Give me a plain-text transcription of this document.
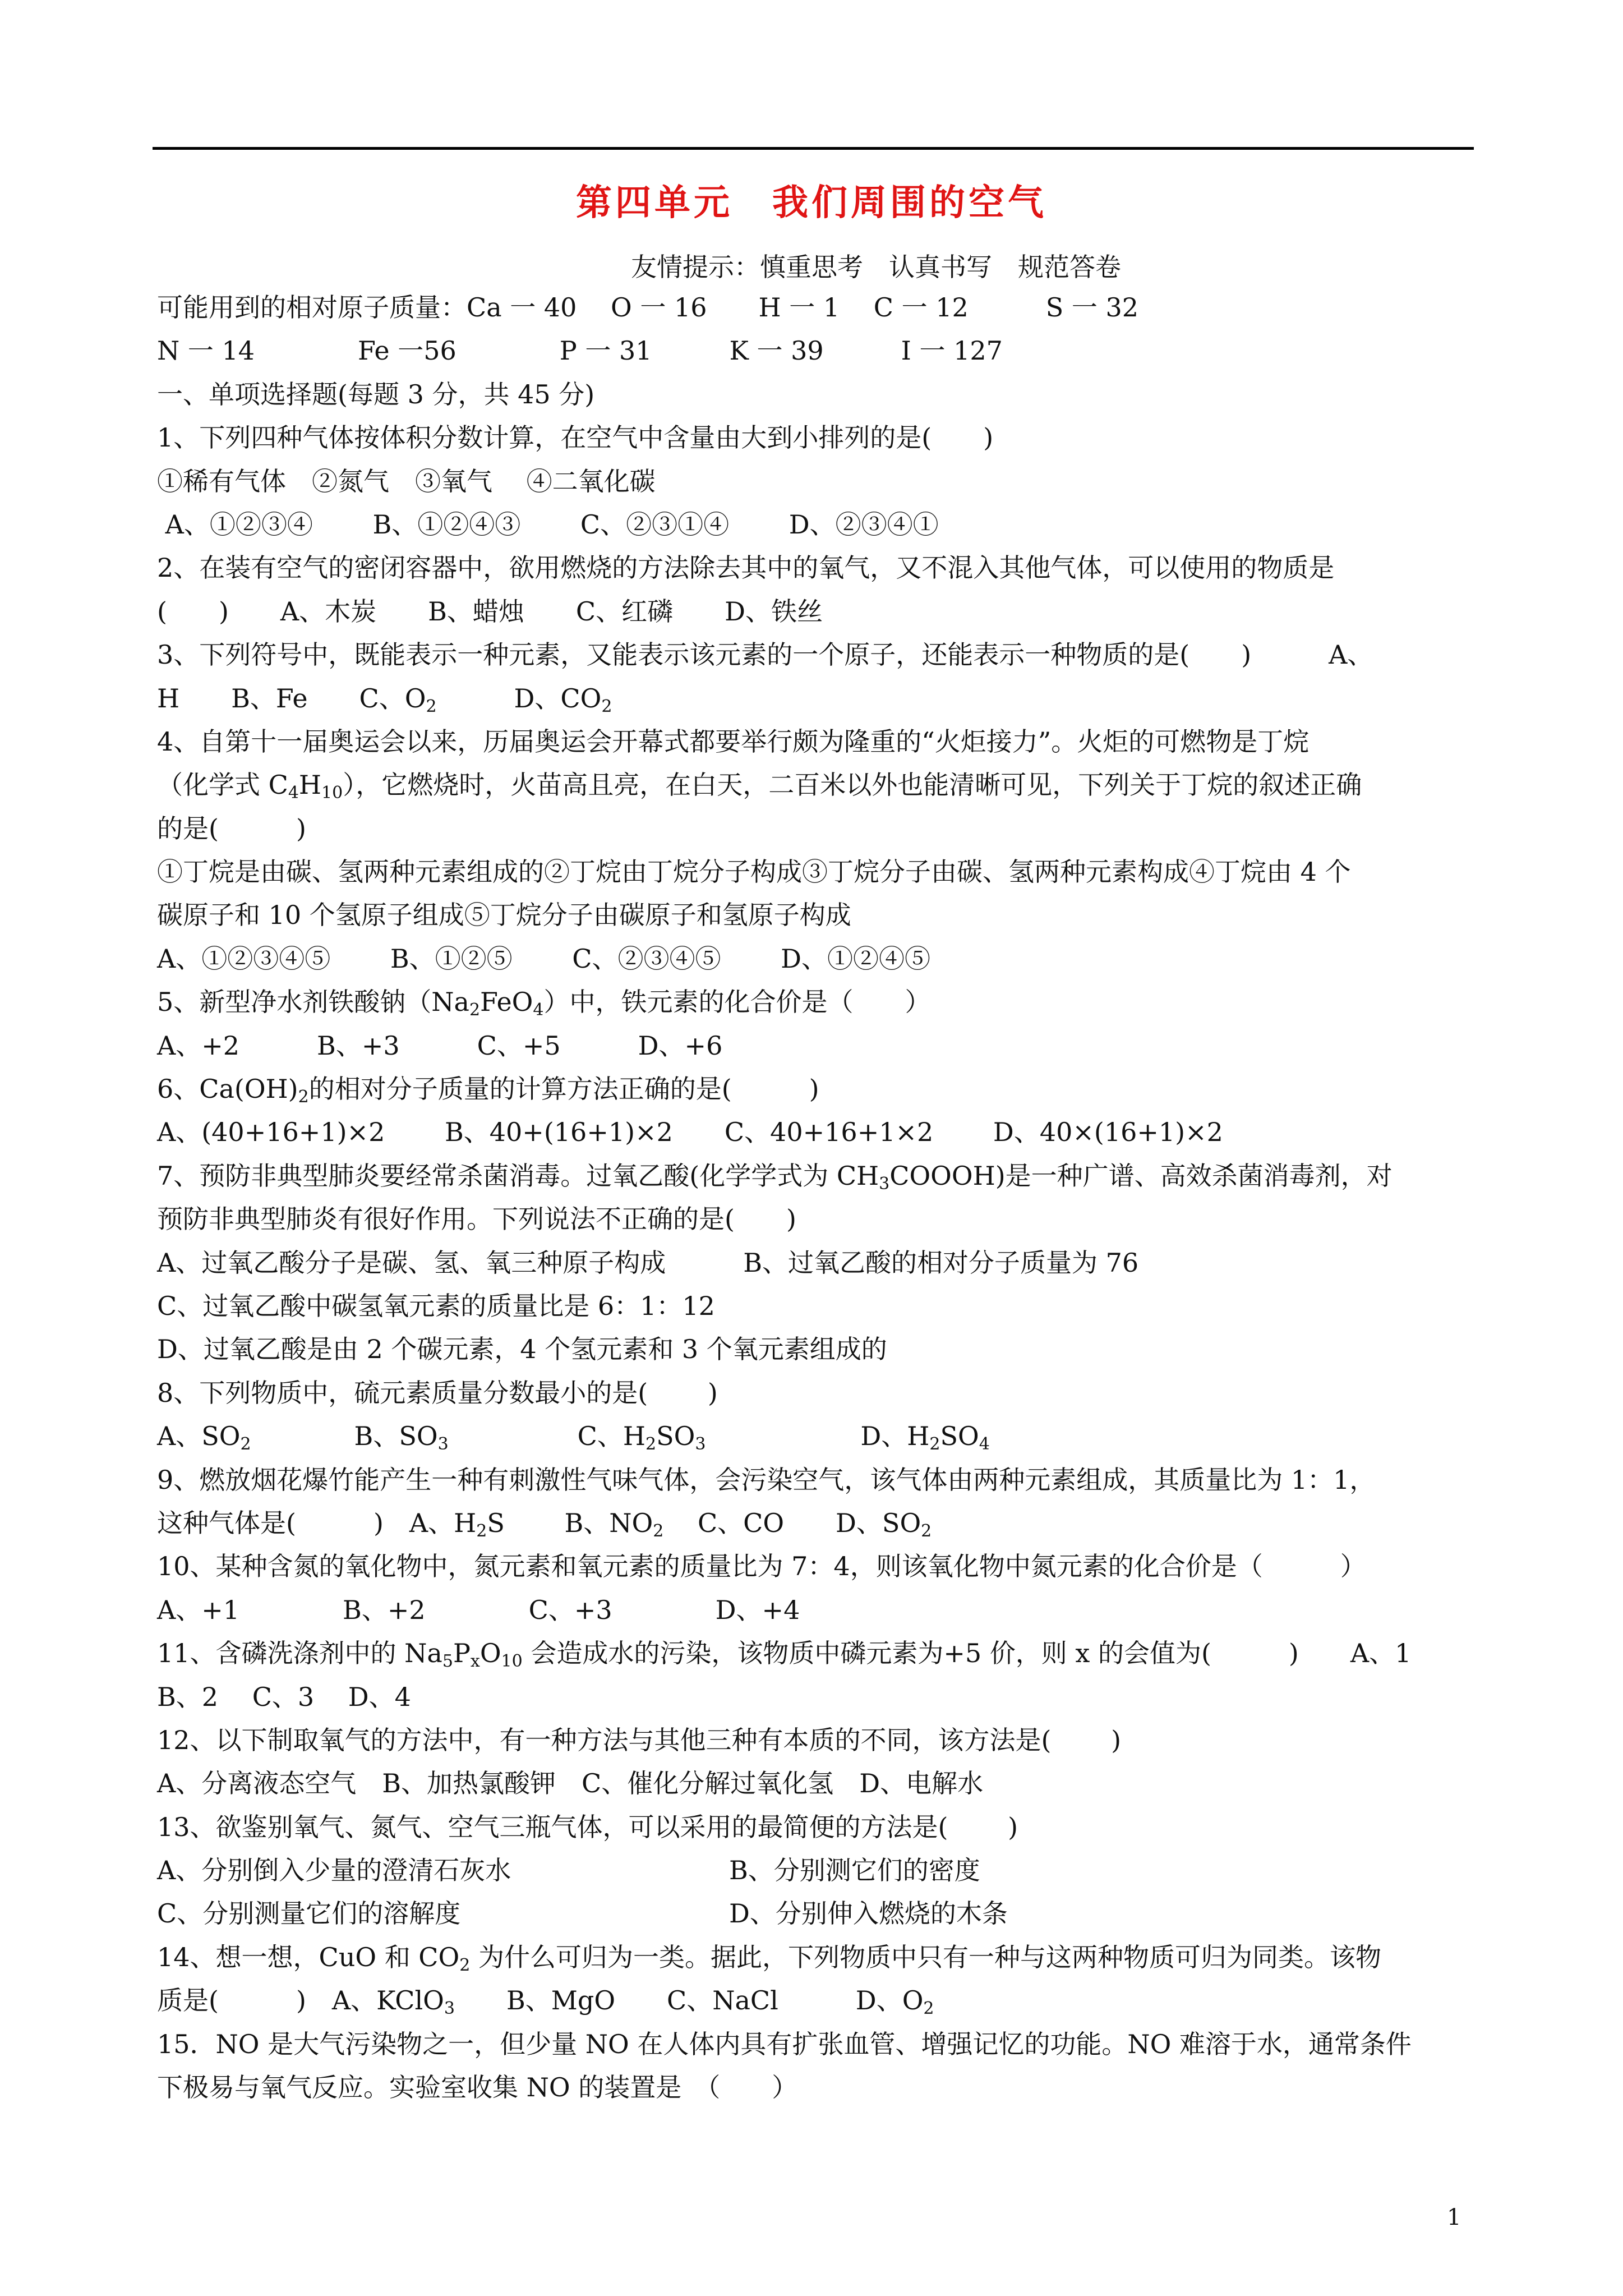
第四单元　我们周围的空气
友情提示：慎重思考　认真书写　规范答卷
可能用到的相对原子质量：Ca 一 40　 O 一 16　　H 一 1　 C 一 12　　　S 一 32
N 一 14　　　　Fe 一56　　　　P 一 31　　　K 一 39　　　I 一 127
一、单项选择题(每题 3 分，共 45 分)
1、下列四种气体按体积分数计算，在空气中含量由大到小排列的是(　　)
①稀有气体　②氮气　③氧气　 ④二氧化碳
A、①②③④　　 B、①②④③　　 C、②③①④　　 D、②③④①
2、在装有空气的密闭容器中，欲用燃烧的方法除去其中的氧气，又不混入其他气体，可以使用的物质是
(　　)　　A、木炭　　B、蜡烛　　C、红磷　　D、铁丝
3、下列符号中，既能表示一种元素，又能表示该元素的一个原子，还能表示一种物质的是(　　)　　　A、
H　　B、Fe　　C、$O_2$　　　D、$CO_2$
4、自第十一届奥运会以来，历届奥运会开幕式都要举行颇为隆重的“火炬接力”。火炬的可燃物是丁烷
（化学式 $C_4H_{10}$），它燃烧时，火苗高且亮，在白天，二百米以外也能清晰可见，下列关于丁烷的叙述正确
的是(　　　)
①丁烷是由碳、氢两种元素组成的②丁烷由丁烷分子构成③丁烷分子由碳、氢两种元素构成④丁烷由 4 个
碳原子和 10 个氢原子组成⑤丁烷分子由碳原子和氢原子构成
A、①②③④⑤　　 B、①②⑤　　 C、②③④⑤　　 D、①②④⑤
5、新型净水剂铁酸钠$(Na_2FeO_4)$中，铁元素的化合价是（　　）
A、+2　　　B、+3　　　C、+5　　　D、+6
6、$Ca(OH)_2$的相对分子质量的计算方法正确的是(　　　)
A、(40+16+1)×2　　 B、40+(16+1)×2　　C、40+16+1×2　　 D、40×(16+1)×2
7、预防非典型肺炎要经常杀菌消毒。过氧乙酸(化学学式为 $CH_3COOOH$)是一种广谱、高效杀菌消毒剂，对
预防非典型肺炎有很好作用。下列说法不正确的是(　　)
A、过氧乙酸分子是碳、氢、氧三种原子构成　　　B、过氧乙酸的相对分子质量为 76
C、过氧乙酸中碳氢氧元素的质量比是 6：1：12
D、过氧乙酸是由 2 个碳元素，4 个氢元素和 3 个氧元素组成的
8、下列物质中，硫元素质量分数最小的是(　　 )
A、$SO_2$　　　　B、$SO_3$　　　　　C、$H_2SO_3$　　　　　　D、$H_2SO_4$
9、燃放烟花爆竹能产生一种有刺激性气味气体，会污染空气，该气体由两种元素组成，其质量比为 1：1，
这种气体是(　　　)　A、$H_2S$　　 B、$NO_2$　 C、CO　　D、$SO_2$
10、某种含氮的氧化物中，氮元素和氧元素的质量比为 7：4，则该氧化物中氮元素的化合价是（　　　）
A、+1　　　　B、+2　　　　C、+3　　　　D、+4
11、含磷洗涤剂中的 $Na_5P_xO_{10}$ 会造成水的污染，该物质中磷元素为+5 价，则 x 的会值为(　　　)　　A、1
B、2　 C、3　 D、4
12、以下制取氧气的方法中，有一种方法与其他三种有本质的不同，该方法是(　　 )
A、分离液态空气　B、加热氯酸钾　C、催化分解过氧化氢　D、电解水
13、欲鉴别氧气、氮气、空气三瓶气体，可以采用的最简便的方法是(　　 )
A、分别倒入少量的澄清石灰水	B、分别测它们的密度
C、分别测量它们的溶解度	D、分别伸入燃烧的木条
14、想一想，CuO 和 $CO_2$ 为什么可归为一类。据此，下列物质中只有一种与这两种物质可归为同类。该物
质是(　　　)　A、KClO$_3$　　B、MgO　　C、NaCl　　　D、$O_2$
15．NO 是大气污染物之一，但少量 NO 在人体内具有扩张血管、增强记忆的功能。NO 难溶于水，通常条件
下极易与氧气反应。实验室收集 NO 的装置是　（　　）
1
